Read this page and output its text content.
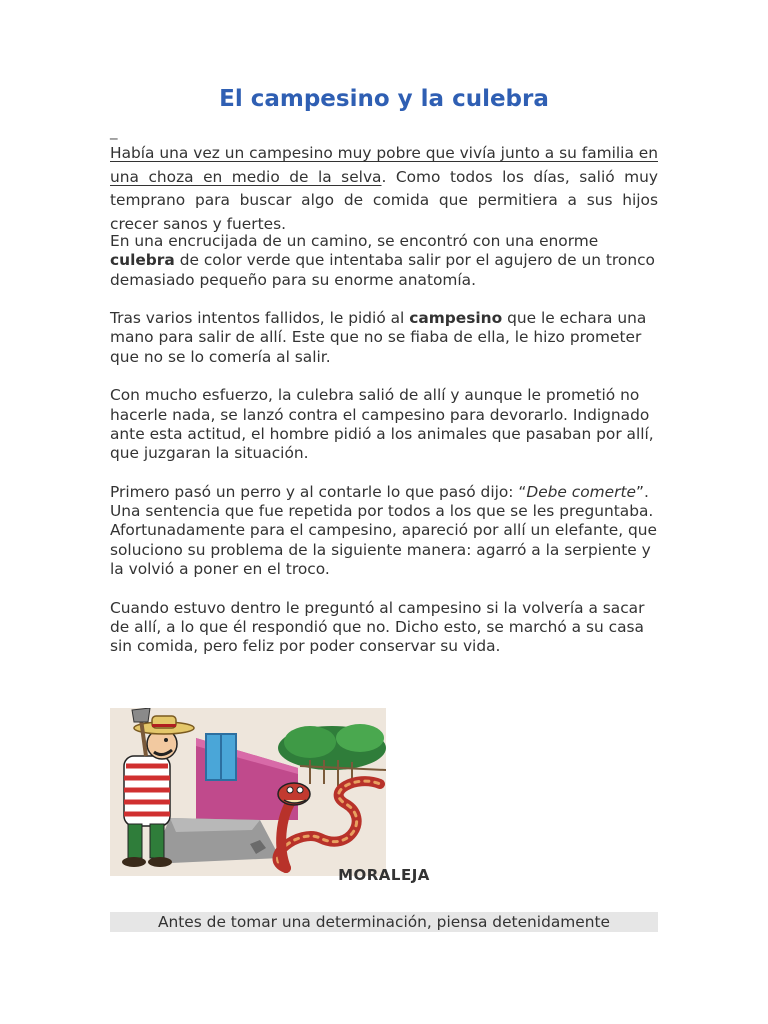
El campesino y la culebra
_
Había una vez un campesino muy pobre que vivía junto a su familia en una choza en medio de la selva. Como todos los días, salió muy temprano para buscar algo de comida que permitiera a sus hijos crecer sanos y fuertes.

En una encrucijada de un camino, se encontró con una enorme culebra de color verde que intentaba salir por el agujero de un tronco demasiado pequeño para su enorme anatomía.

Tras varios intentos fallidos, le pidió al campesino que le echara una mano para salir de allí. Este que no se fiaba de ella, le hizo prometer que no se lo comería al salir.

Con mucho esfuerzo, la culebra salió de allí y aunque le prometió no hacerle nada, se lanzó contra el campesino para devorarlo. Indignado ante esta actitud, el hombre pidió a los animales que pasaban por allí, que juzgaran la situación.

Primero pasó un perro y al contarle lo que pasó dijo: “Debe comerte”. Una sentencia que fue repetida por todos a los que se les preguntaba. Afortunadamente para el campesino, apareció por allí un elefante, que soluciono su problema de la siguiente manera: agarró a la serpiente y la volvió a poner en el troco.

Cuando estuvo dentro le preguntó al campesino si la volvería a sacar de allí, a lo que él respondió que no. Dicho esto, se marchó a su casa sin comida, pero feliz por poder conservar su vida.

MORALEJA
Antes de tomar una determinación, piensa detenidamente
